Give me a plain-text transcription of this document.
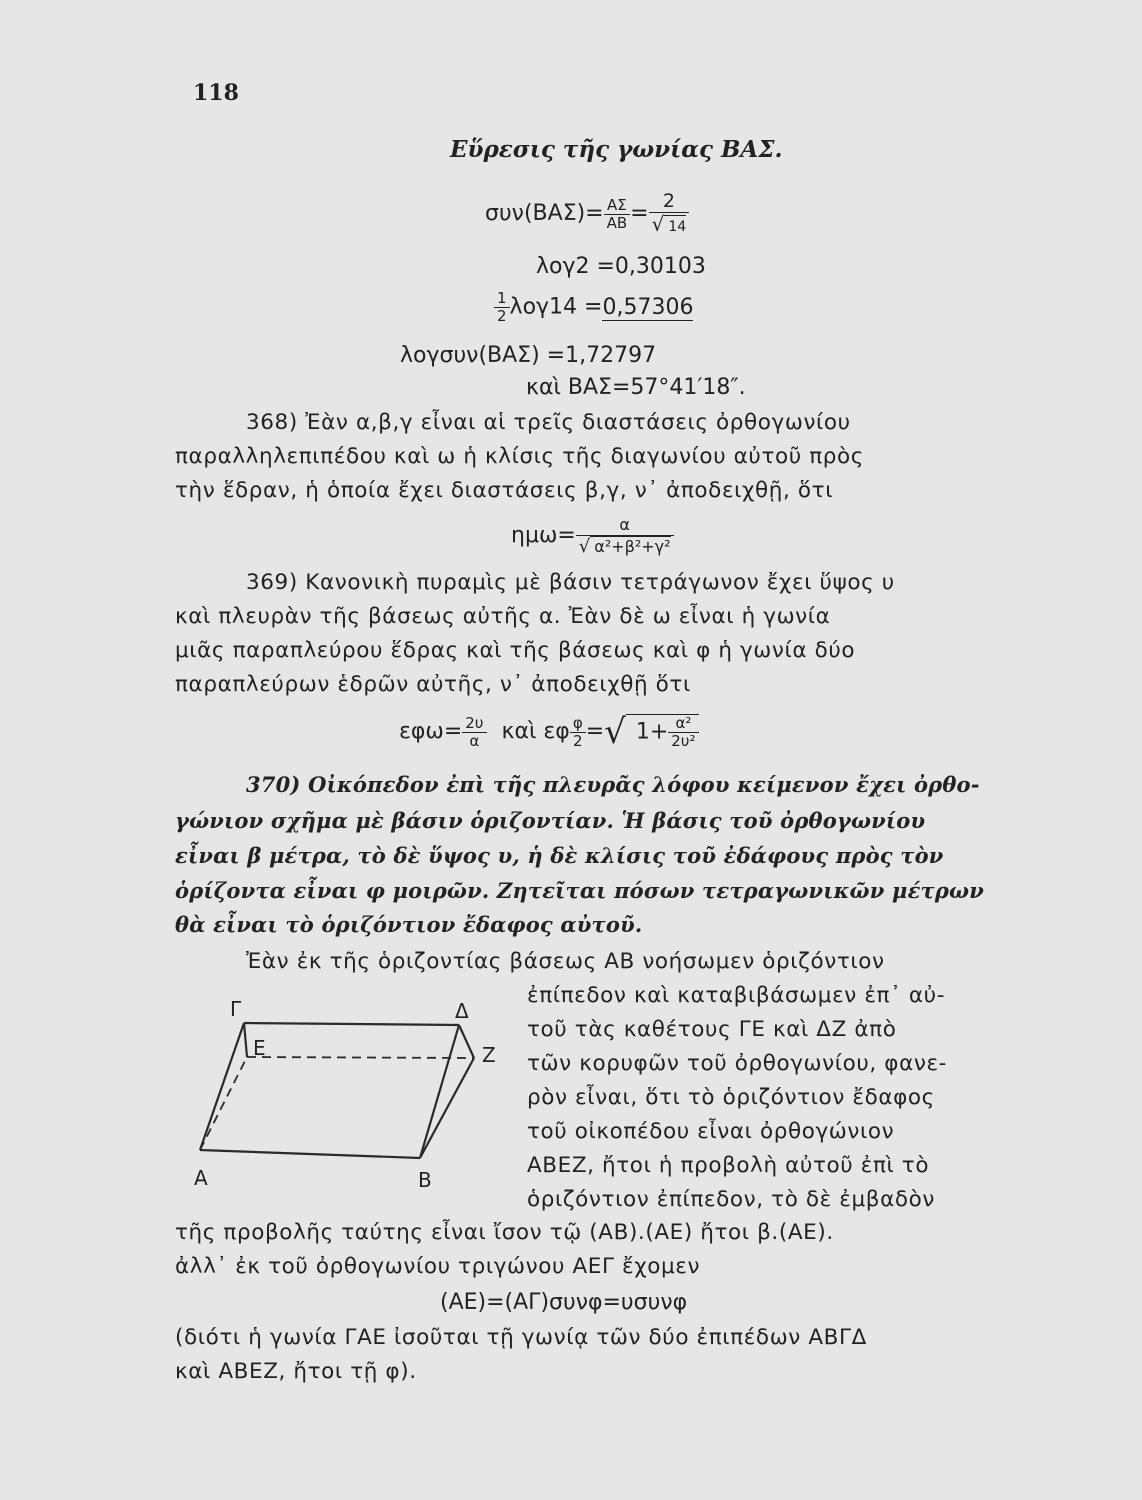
118
Εὕρεσις τῆς γωνίας ΒΑΣ.
$\sigma\upsilon\nu(BA\Sigma)= \frac{A\Sigma}{AB} = \frac{2}{√ 14}$
λογ2 =0,30103
$\frac{1}{2} \lambda o\gamma 14 =0,57306$
λογσυν(ΒΑΣ) =1,72797
καὶ ΒΑΣ=57°41′18″.
368) Ἐὰν α,β,γ εἶναι αἱ τρεῖς διαστάσεις ὀρθογωνίου
παραλληλεπιπέδου καὶ ω ἡ κλίσις τῆς διαγωνίου αὐτοῦ πρὸς
τὴν ἕδραν, ἡ ὁποία ἔχει διαστάσεις β,γ, ν᾿ ἀποδειχθῇ, ὅτι
$\eta\mu\omega= \frac{\alpha}{\text{√ α²+β²+γ²}}$
369) Κανονικὴ πυραμὶς μὲ βάσιν τετράγωνον ἔχει ὕψος υ
καὶ πλευρὰν τῆς βάσεως αὐτῆς α. Ἐὰν δὲ ω εἶναι ἡ γωνία
μιᾶς παραπλεύρου ἕδρας καὶ τῆς βάσεως καὶ φ ἡ γωνία δύο
παραπλεύρων ἑδρῶν αὐτῆς, ν᾿ ἀποδειχθῇ ὅτι
$\varepsilon\varphi\omega= \frac{2\upsilon}{\alpha}$ καὶ εφ $\frac{\varphi}{2}$ =√ $1+ \frac{\text{α²}}{\text{2υ²}}$
370) Οἰκόπεδον ἐπὶ τῆς πλευρᾶς λόφου κείμενον ἔχει ὀρθο-
γώνιον σχῆμα μὲ βάσιν ὁριζοντίαν. Ἡ βάσις τοῦ ὀρθογωνίου
εἶναι β μέτρα, τὸ δὲ ὕψος υ, ἡ δὲ κλίσις τοῦ ἐδάφους πρὸς τὸν
ὁρίζοντα εἶναι φ μοιρῶν. Ζητεῖται πόσων τετραγωνικῶν μέτρων
θὰ εἶναι τὸ ὁριζόντιον ἔδαφος αὐτοῦ.
Ἐὰν ἐκ τῆς ὁριζοντίας βάσεως ΑΒ νοήσωμεν ὁριζόντιον
ἐπίπεδον καὶ καταβιβάσωμεν ἐπ᾿ αὐ-
τοῦ τὰς καθέτους ΓΕ καὶ ΔΖ ἀπὸ
τῶν κορυφῶν τοῦ ὀρθογωνίου, φανε-
ρὸν εἶναι, ὅτι τὸ ὁριζόντιον ἔδαφος
τοῦ οἰκοπέδου εἶναι ὀρθογώνιον
ΑΒΕΖ, ἤτοι ἡ προβολὴ αὐτοῦ ἐπὶ τὸ
ὁριζόντιον ἐπίπεδον, τὸ δὲ ἐμβαδὸν
τῆς προβολῆς ταύτης εἶναι ἴσον τῷ (ΑΒ).(ΑΕ) ἤτοι β.(ΑΕ).
ἀλλ᾿ ἐκ τοῦ ὀρθογωνίου τριγώνου ΑΕΓ ἔχομεν
(ΑΕ)=(ΑΓ)συνφ=υσυνφ
(διότι ἡ γωνία ΓΑΕ ἰσοῦται τῇ γωνίᾳ τῶν δύο ἐπιπέδων ΑΒΓΔ
καὶ ΑΒΕΖ, ἤτοι τῇ φ).
Γ	Δ
Ε	Ζ
Α	Β
